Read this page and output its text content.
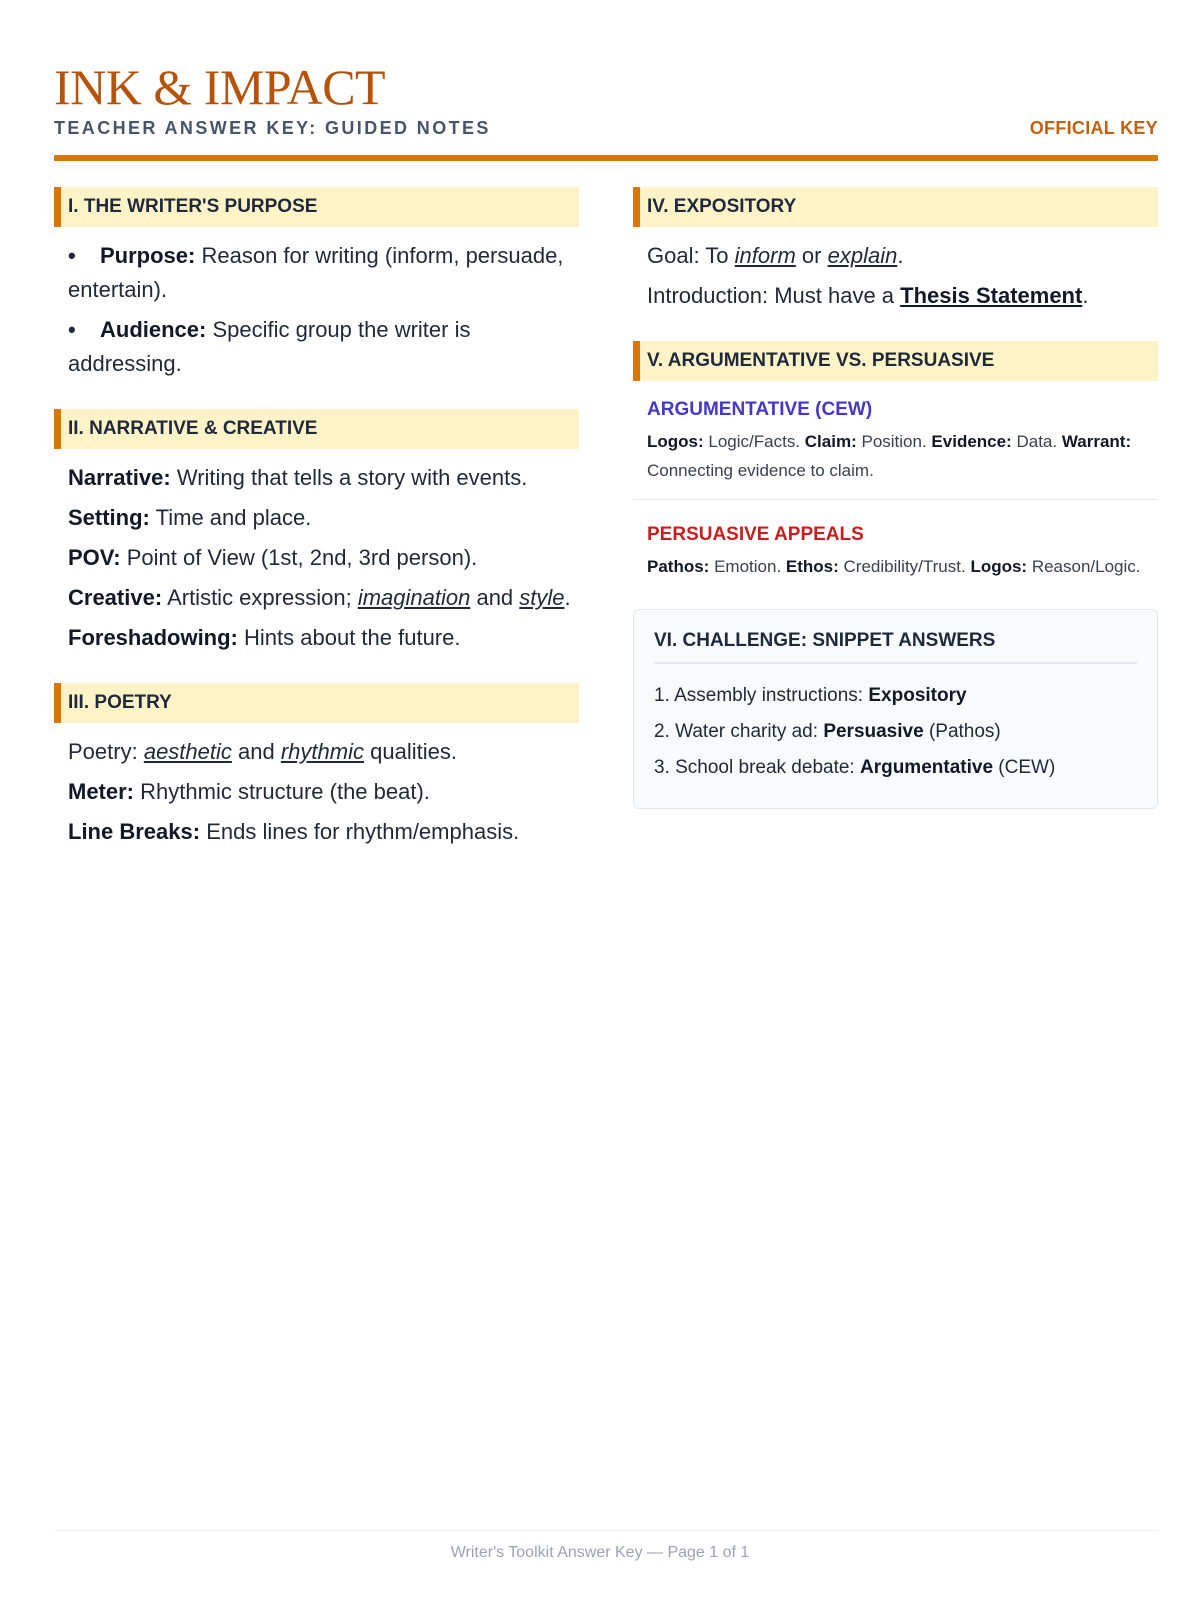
INK & IMPACT
TEACHER ANSWER KEY: GUIDED NOTES	OFFICIAL KEY
I. THE WRITER'S PURPOSE
• Purpose: Reason for writing (inform, persuade, entertain).
• Audience: Specific group the writer is addressing.
II. NARRATIVE & CREATIVE
Narrative: Writing that tells a story with events.
Setting: Time and place.
POV: Point of View (1st, 2nd, 3rd person).
Creative: Artistic expression; imagination and style.
Foreshadowing: Hints about the future.
III. POETRY
Poetry: aesthetic and rhythmic qualities.
Meter: Rhythmic structure (the beat).
Line Breaks: Ends lines for rhythm/emphasis.
IV. EXPOSITORY
Goal: To inform or explain.
Introduction: Must have a Thesis Statement.
V. ARGUMENTATIVE VS. PERSUASIVE
ARGUMENTATIVE (CEW)
Logos: Logic/Facts. Claim: Position. Evidence: Data. Warrant: Connecting evidence to claim.
PERSUASIVE APPEALS
Pathos: Emotion. Ethos: Credibility/Trust. Logos: Reason/Logic.
VI. CHALLENGE: SNIPPET ANSWERS
1. Assembly instructions: Expository
2. Water charity ad: Persuasive (Pathos)
3. School break debate: Argumentative (CEW)
Writer's Toolkit Answer Key — Page 1 of 1
